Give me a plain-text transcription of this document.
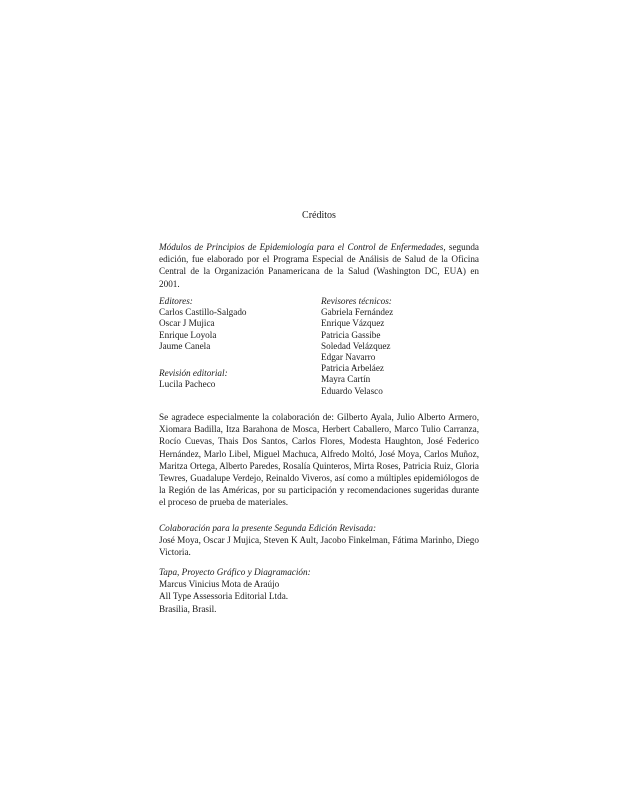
Créditos
Módulos de Principios de Epidemiología para el Control de Enfermedades, segunda edición, fue elaborado por el Programa Especial de Análisis de Salud de la Oficina Central de la Organización Panamericana de la Salud (Washington DC, EUA) en 2001.
Editores:
Carlos Castillo-Salgado
Oscar J Mujica
Enrique Loyola
Jaume Canela
Revisión editorial:
Lucila Pacheco
Revisores técnicos:
Gabriela Fernández
Enrique Vázquez
Patricia Gassibe
Soledad Velázquez
Edgar Navarro
Patricia Arbeláez
Mayra Cartín
Eduardo Velasco
Se agradece especialmente la colaboración de: Gilberto Ayala, Julio Alberto Armero, Xiomara Badilla, Itza Barahona de Mosca, Herbert Caballero, Marco Tulio Carranza, Rocío Cuevas, Thais Dos Santos, Carlos Flores, Modesta Haughton, José Federico Hernández, Marlo Libel, Miguel Machuca, Alfredo Moltó, José Moya, Carlos Muñoz, Maritza Ortega, Alberto Paredes, Rosalía Quinteros, Mirta Roses, Patricia Ruiz, Gloria Tewres, Guadalupe Verdejo, Reinaldo Viveros, así como a múltiples epidemiólogos de la Región de las Américas, por su participación y recomendaciones sugeridas durante el proceso de prueba de materiales.
Colaboración para la presente Segunda Edición Revisada:
José Moya, Oscar J Mujica, Steven K Ault, Jacobo Finkelman, Fátima Marinho, Diego Victoria.
Tapa, Proyecto Gráfico y Diagramación:
Marcus Vinicius Mota de Araújo
All Type Assessoria Editorial Ltda.
Brasilia, Brasil.
